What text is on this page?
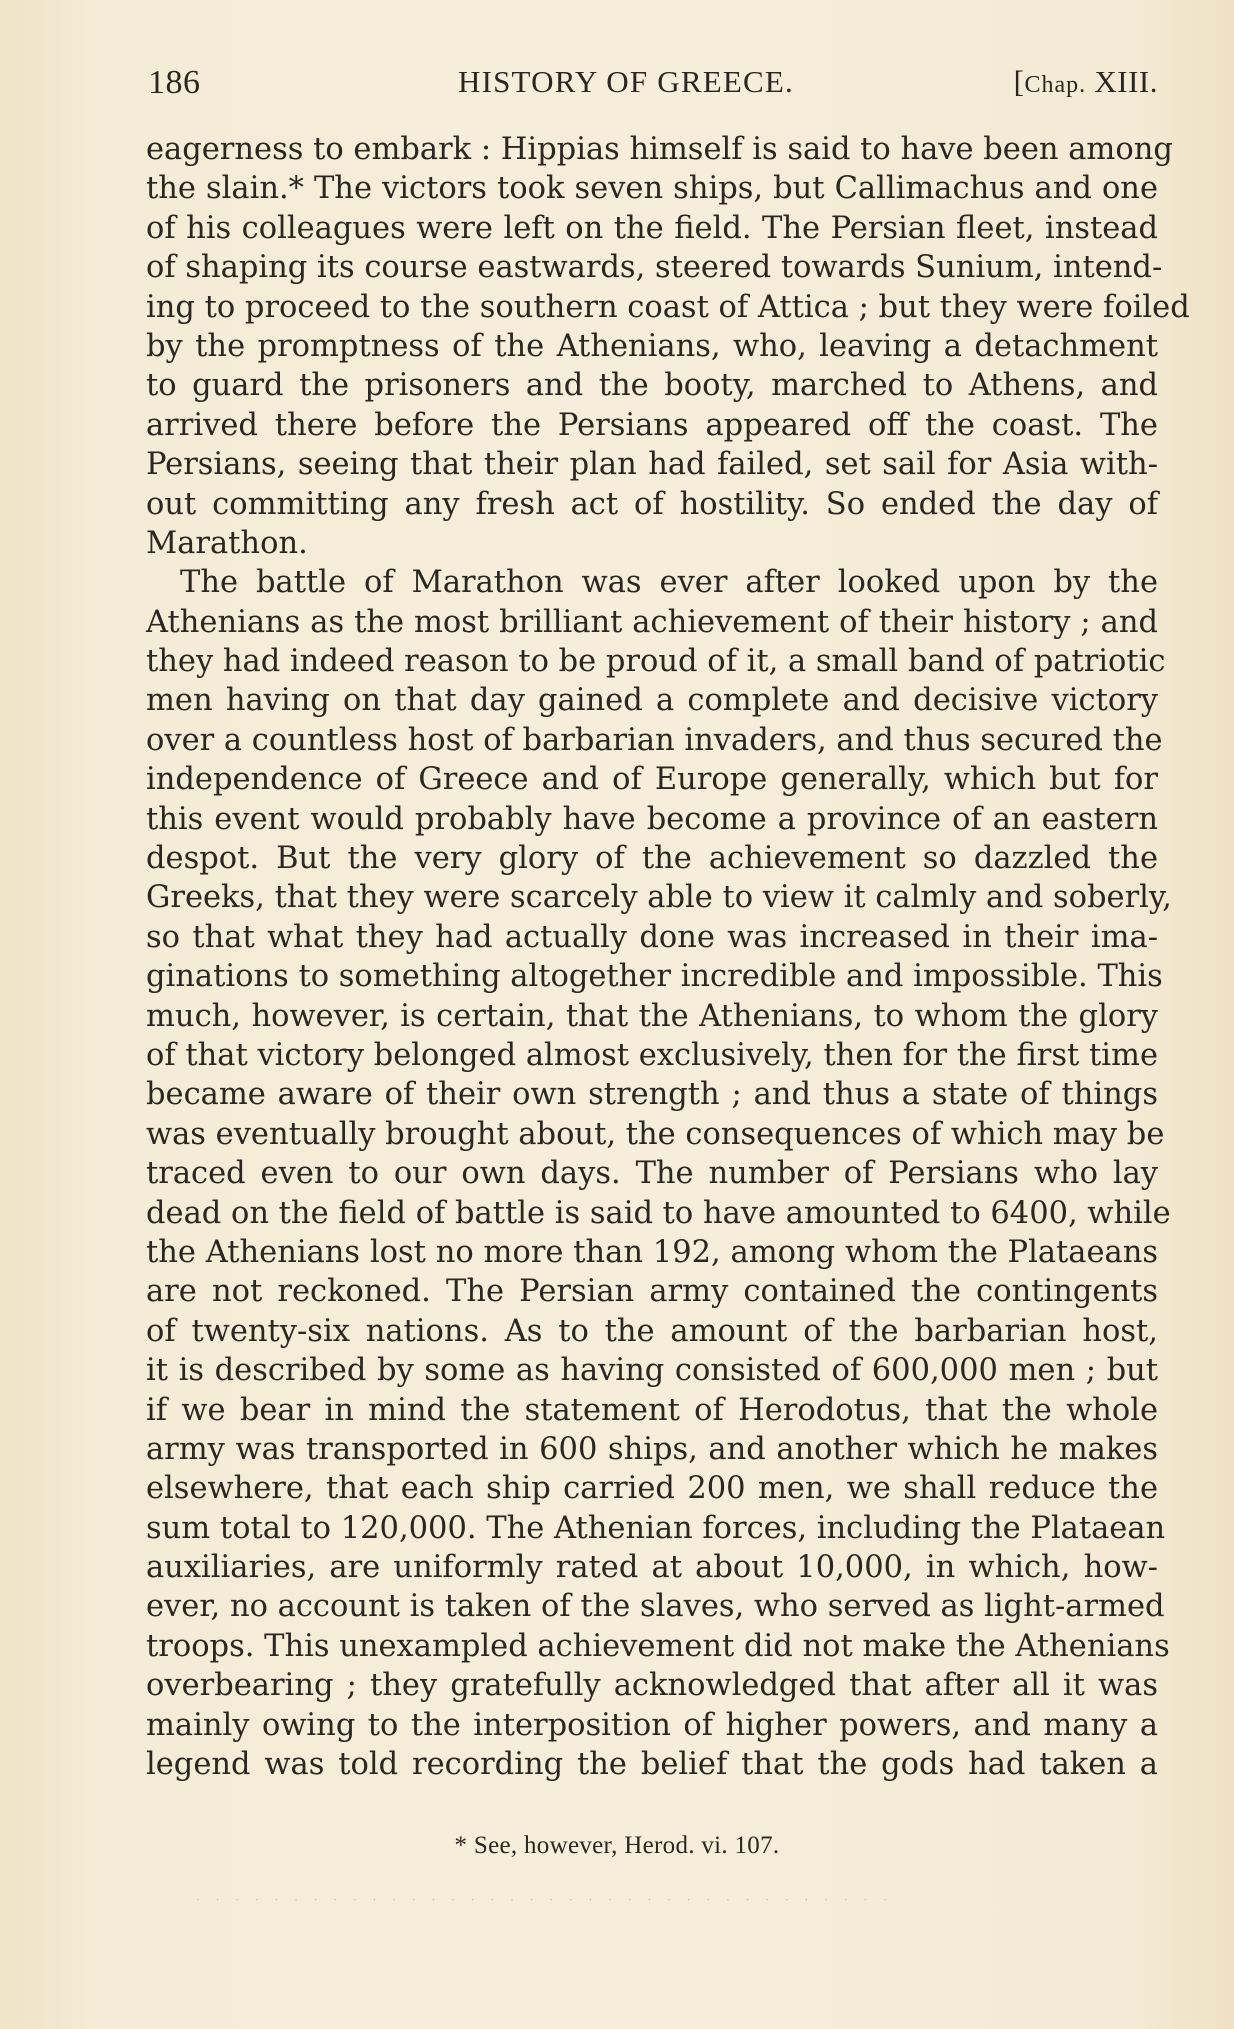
186	HISTORY OF GREECE.	[Chap. XIII.
eagerness to embark : Hippias himself is said to have been among
the slain.* The victors took seven ships, but Callimachus and one
of his colleagues were left on the field. The Persian fleet, instead
of shaping its course eastwards, steered towards Sunium, intend-
ing to proceed to the southern coast of Attica ; but they were foiled
by the promptness of the Athenians, who, leaving a detachment
to guard the prisoners and the booty, marched to Athens, and
arrived there before the Persians appeared off the coast. The
Persians, seeing that their plan had failed, set sail for Asia with-
out committing any fresh act of hostility. So ended the day of
Marathon.
The battle of Marathon was ever after looked upon by the
Athenians as the most brilliant achievement of their history ; and
they had indeed reason to be proud of it, a small band of patriotic
men having on that day gained a complete and decisive victory
over a countless host of barbarian invaders, and thus secured the
independence of Greece and of Europe generally, which but for
this event would probably have become a province of an eastern
despot. But the very glory of the achievement so dazzled the
Greeks, that they were scarcely able to view it calmly and soberly,
so that what they had actually done was increased in their ima-
ginations to something altogether incredible and impossible. This
much, however, is certain, that the Athenians, to whom the glory
of that victory belonged almost exclusively, then for the first time
became aware of their own strength ; and thus a state of things
was eventually brought about, the consequences of which may be
traced even to our own days. The number of Persians who lay
dead on the field of battle is said to have amounted to 6400, while
the Athenians lost no more than 192, among whom the Plataeans
are not reckoned. The Persian army contained the contingents
of twenty-six nations. As to the amount of the barbarian host,
it is described by some as having consisted of 600,000 men ; but
if we bear in mind the statement of Herodotus, that the whole
army was transported in 600 ships, and another which he makes
elsewhere, that each ship carried 200 men, we shall reduce the
sum total to 120,000. The Athenian forces, including the Plataean
auxiliaries, are uniformly rated at about 10,000, in which, how-
ever, no account is taken of the slaves, who served as light-armed
troops. This unexampled achievement did not make the Athenians
overbearing ; they gratefully acknowledged that after all it was
mainly owing to the interposition of higher powers, and many a
legend was told recording the belief that the gods had taken a
* See, however, Herod. vi. 107.
· · · · · · · · · · · · · · · · · · · · · · · · · · · · · · · · · · · ·
